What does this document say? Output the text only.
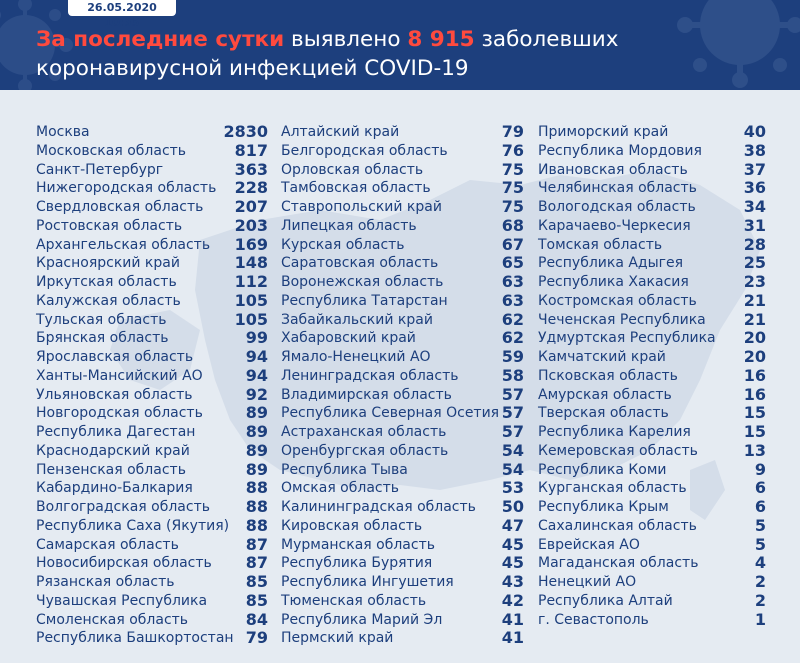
26.05.2020 10:35
За последние сутки выявлено 8 915 заболевших
коронавирусной инфекцией COVID-19
Москва	2830
Московская область	817
Санкт-Петербург	363
Нижегородская область 228
Свердловская область 207
Ростовская область	203
Архангельская область 169
Красноярский край	148
Иркутская область	112
Калужская область	105
Тульская область	105
Брянская область	99
Ярославская область	94
Ханты-Мансийский АО	94
Ульяновская область	92
Новгородская область	89
Республика Дагестан	89
Краснодарский край	89
Пензенская область	89
Кабардино-Балкария	88
Волгоградская область 88
Республика Саха (Якутия) 88
Самарская область	87
Новосибирская область 87
Рязанская область	85
Чувашская Республика 85
Смоленская область	84
Республика Башкортостан 79
Алтайский край	79
Белгородская область	76
Орловская область	75
Тамбовская область	75
Ставропольский край	75
Липецкая область	68
Курская область	67
Саратовская область	65
Воронежская область	63
Республика Татарстан	63
Забайкальский край	62
Хабаровский край	62
Ямало-Ненецкий АО	59
Ленинградская область	58
Владимирская область	57
Республика Северная Осетия 57
Астраханская область	57
Оренбургская область	54
Республика Тыва	54
Омская область	53
Калининградская область 50
Кировская область	47
Мурманская область	45
Республика Бурятия	45
Республика Ингушетия	43
Тюменская область	42
Республика Марий Эл	41
Пермский край	41
Приморский край	40
Республика Мордовия	38
Ивановская область	37
Челябинская область	36
Вологодская область	34
Карачаево-Черкесия	31
Томская область	28
Республика Адыгея	25
Республика Хакасия	23
Костромская область	21
Чеченская Республика 21
Удмуртская Республика 20
Камчатский край	20
Псковская область	16
Амурская область	16
Тверская область	15
Республика Карелия	15
Кемеровская область	13
Республика Коми	9
Курганская область	6
Республика Крым	6
Сахалинская область	5
Еврейская АО	5
Магаданская область	4
Ненецкий АО	2
Республика Алтай	2
г. Севастополь	1
